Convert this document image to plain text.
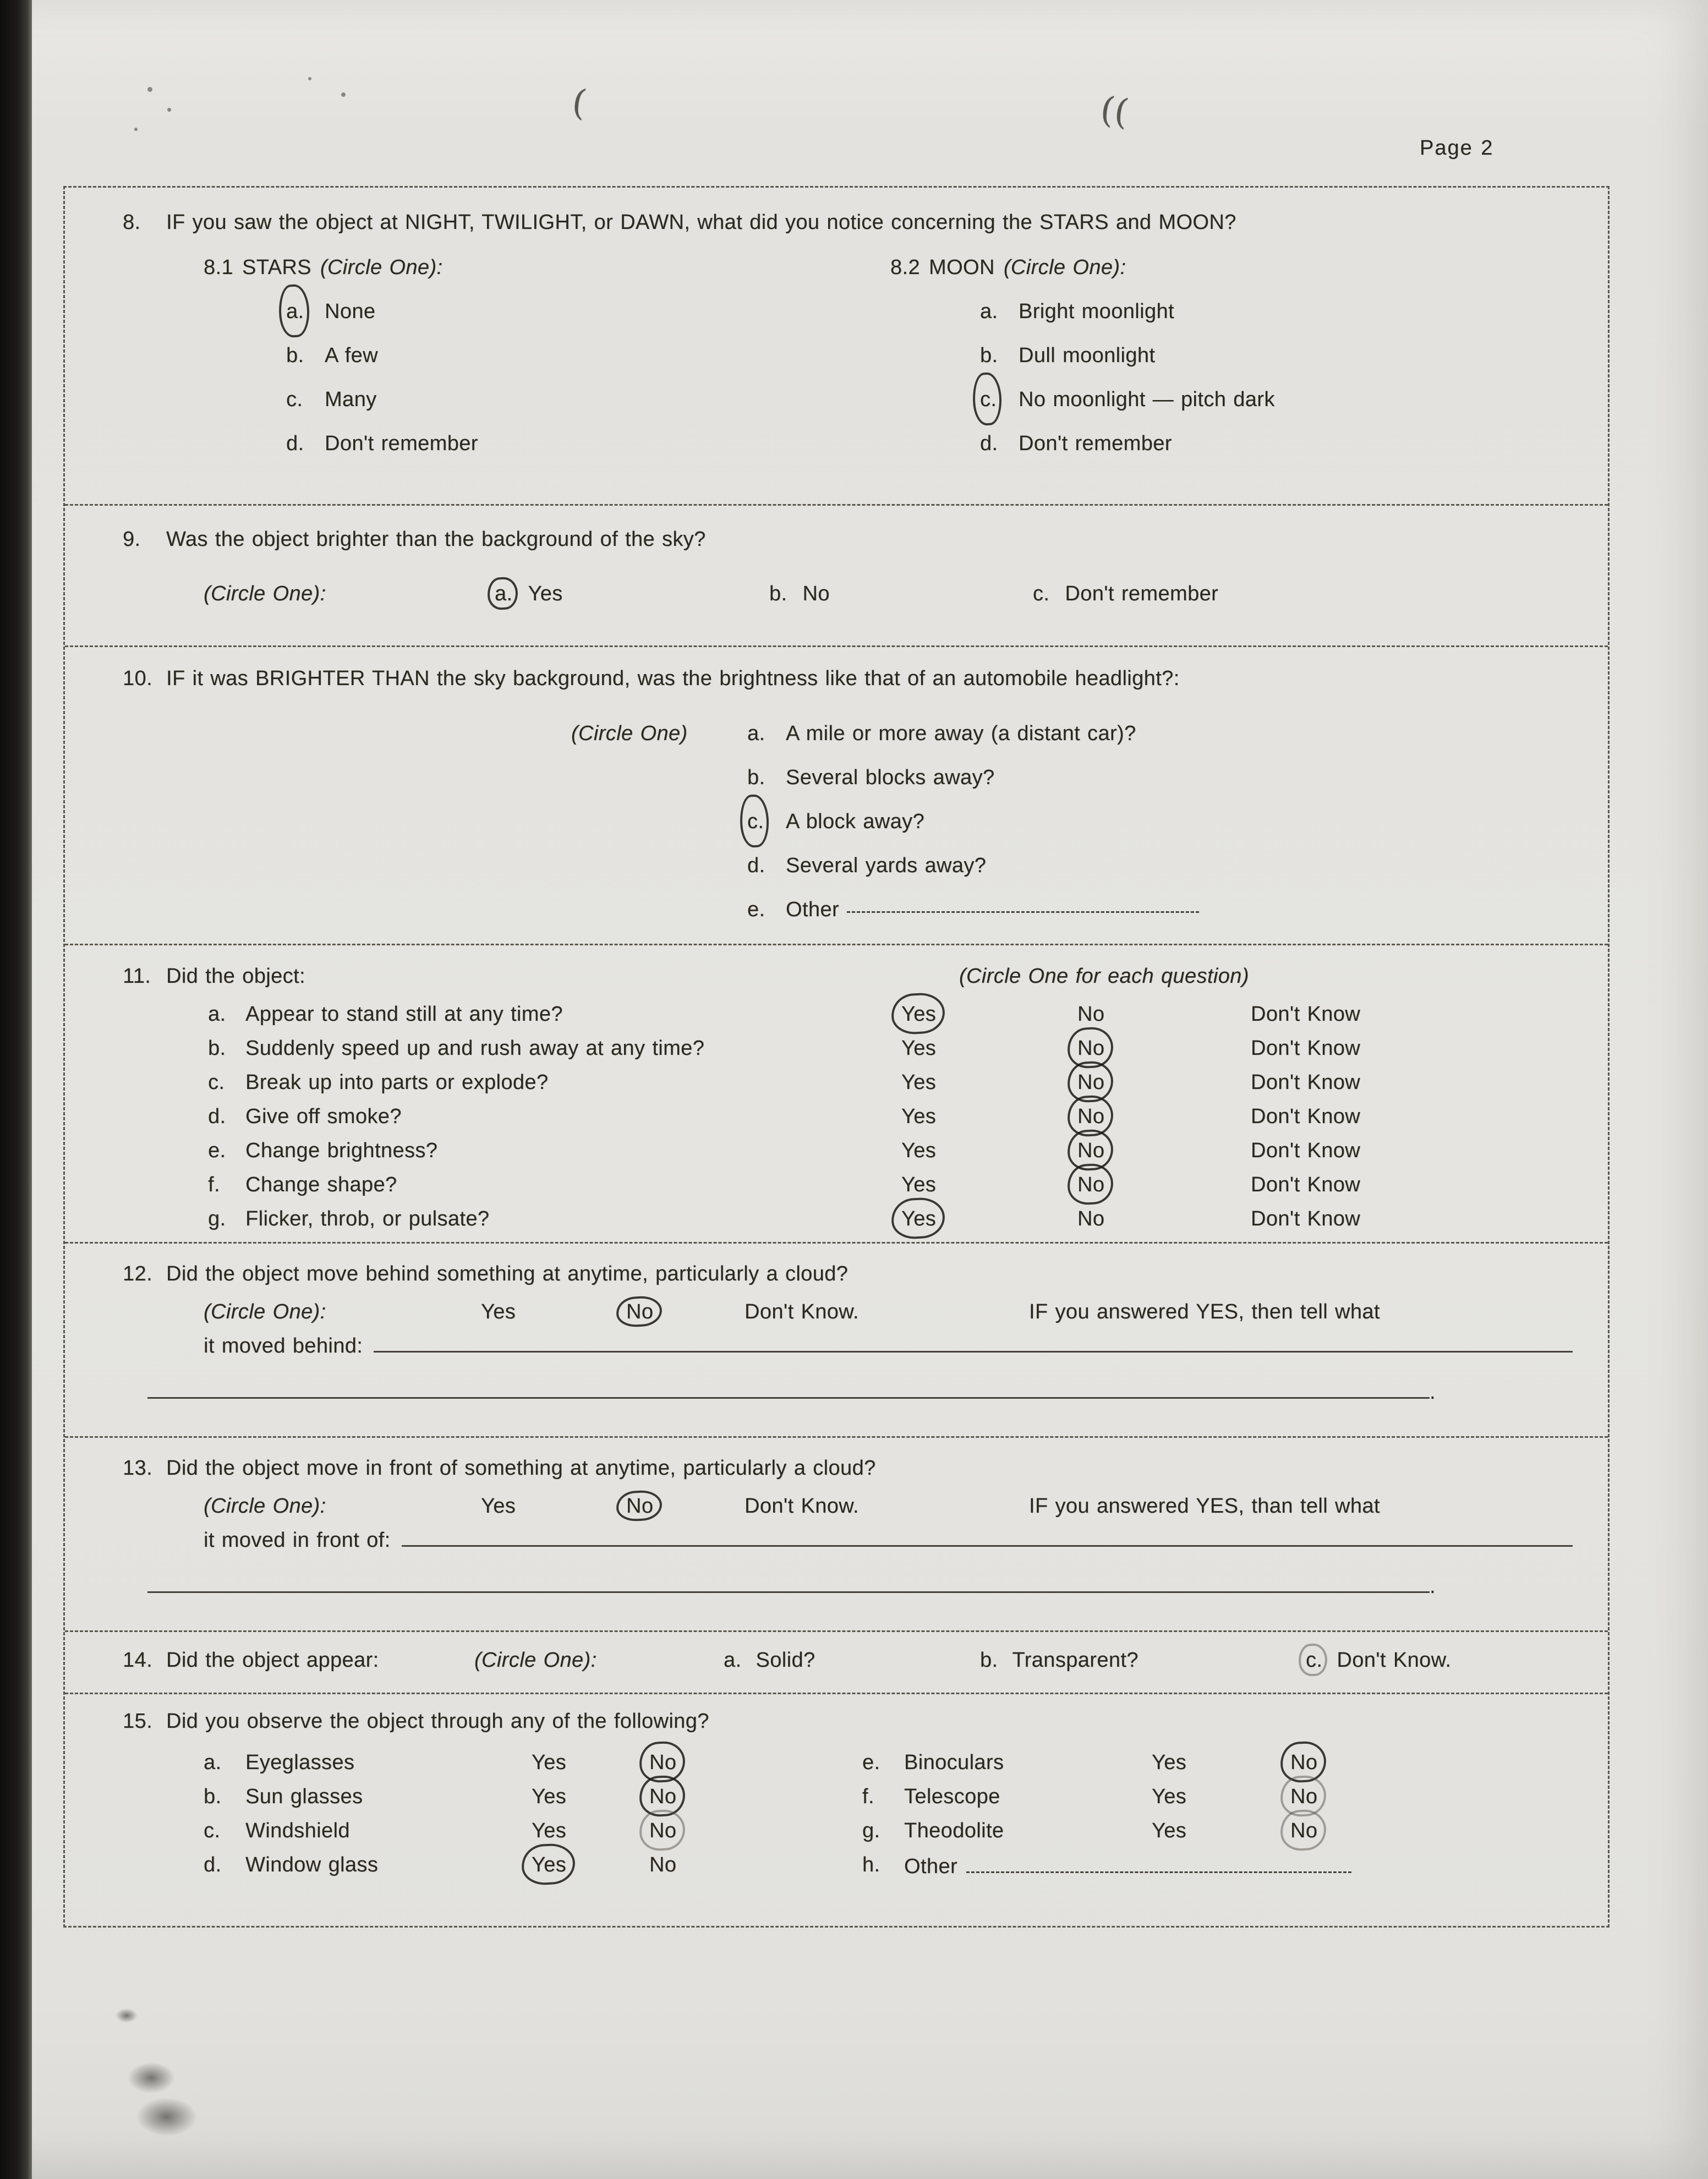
(	((
Page 2
8.	IF you saw the object at NIGHT, TWILIGHT, or DAWN, what did you notice concerning the STARS and MOON?
8.1 STARS (Circle One):
a. None
b. A few
c.	Many
d. Don't remember
8.2 MOON (Circle One):
a. Bright moonlight
b. Dull moonlight
c.	No moonlight — pitch dark
d. Don't remember
9.	Was the object brighter than the background of the sky?
(Circle One):	a. Yes	b. No	c. Don't remember
10. IF it was BRIGHTER THAN the sky background, was the brightness like that of an automobile headlight?:
(Circle One)	a. A mile or more away (a distant car)?
b. Several blocks away?
c.	A block away?
d. Several yards away?
e. Other
11. Did the object:	(Circle One for each question)
a. Appear to stand still at any time?	Yes	No	Don't Know
b. Suddenly speed up and rush away at any time?	Yes	No	Don't Know
c. Break up into parts or explode?	Yes	No	Don't Know
d. Give off smoke?	Yes	No	Don't Know
e. Change brightness?	Yes	No	Don't Know
f.	Change shape?	Yes	No	Don't Know
g. Flicker, throb, or pulsate?	Yes	No	Don't Know
12. Did the object move behind something at anytime, particularly a cloud?
(Circle One):	Yes	No	Don't Know.	IF you answered YES, then tell what
it moved behind:
.
13. Did the object move in front of something at anytime, particularly a cloud?
(Circle One):	Yes	No	Don't Know.	IF you answered YES, than tell what
it moved in front of:
.
14. Did the object appear:	(Circle One):	a. Solid?	b. Transparent?	c. Don't Know.
15. Did you observe the object through any of the following?
a.	Eyeglasses	Yes	No	e.	Binoculars	Yes	No
b.	Sun glasses	Yes	No	f.	Telescope	Yes	No
c.	Windshield	Yes	No	g.	Theodolite	Yes	No
d.	Window glass	Yes	No	h.	Other
